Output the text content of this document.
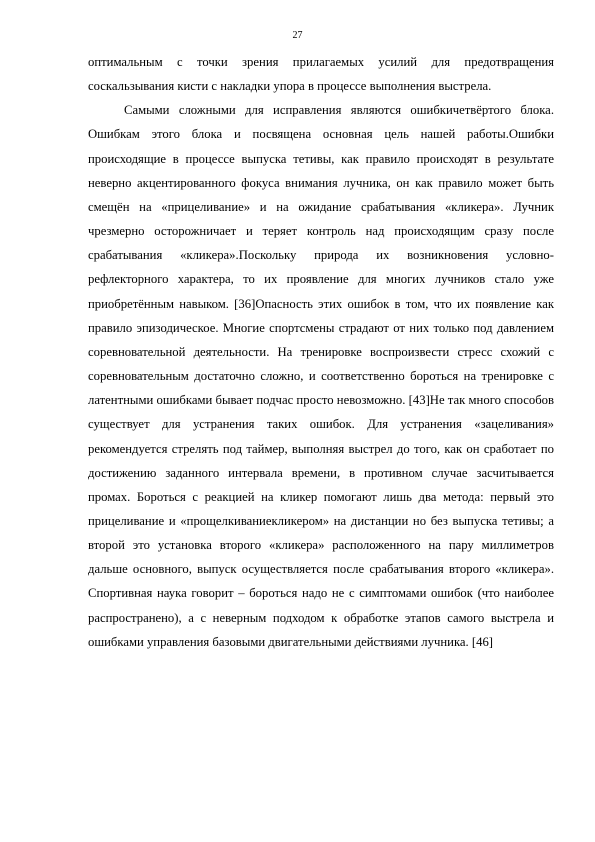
27

оптимальным с точки зрения прилагаемых усилий для предотвращения соскальзывания кисти с накладки упора в процессе выполнения выстрела.

Самыми сложными для исправления являются ошибкичетвёртого блока. Ошибкам этого блока и посвящена основная цель нашей работы.Ошибки происходящие в процессе выпуска тетивы, как правило происходят в результате неверно акцентированного фокуса внимания лучника, он как правило может быть смещён на «прицеливание» и на ожидание срабатывания «кликера». Лучник чрезмерно осторожничает и теряет контроль над происходящим сразу после срабатывания «кликера».Поскольку природа их возникновения условно-рефлекторного характера, то их проявление для многих лучников стало уже приобретённым навыком. [36]Опасность этих ошибок в том, что их появление как правило эпизодическое. Многие спортсмены страдают от них только под давлением соревновательной деятельности. На тренировке воспроизвести стресс схожий с соревновательным достаточно сложно, и соответственно бороться на тренировке с латентными ошибками бывает подчас просто невозможно. [43]Не так много способов существует для устранения таких ошибок. Для устранения «зацеливания» рекомендуется стрелять под таймер, выполняя выстрел до того, как он сработает по достижению заданного интервала времени, в противном случае засчитывается промах. Бороться с реакцией на кликер помогают лишь два метода: первый это прицеливание и «прощелкиваниекликером» на дистанции но без выпуска тетивы; а второй это установка второго «кликера» расположенного на пару миллиметров дальше основного, выпуск осуществляется после срабатывания второго «кликера». Спортивная наука говорит – бороться надо не с симптомами ошибок (что наиболее распространено), а с неверным подходом к обработке этапов самого выстрела и ошибками управления базовыми двигательными действиями лучника. [46]
